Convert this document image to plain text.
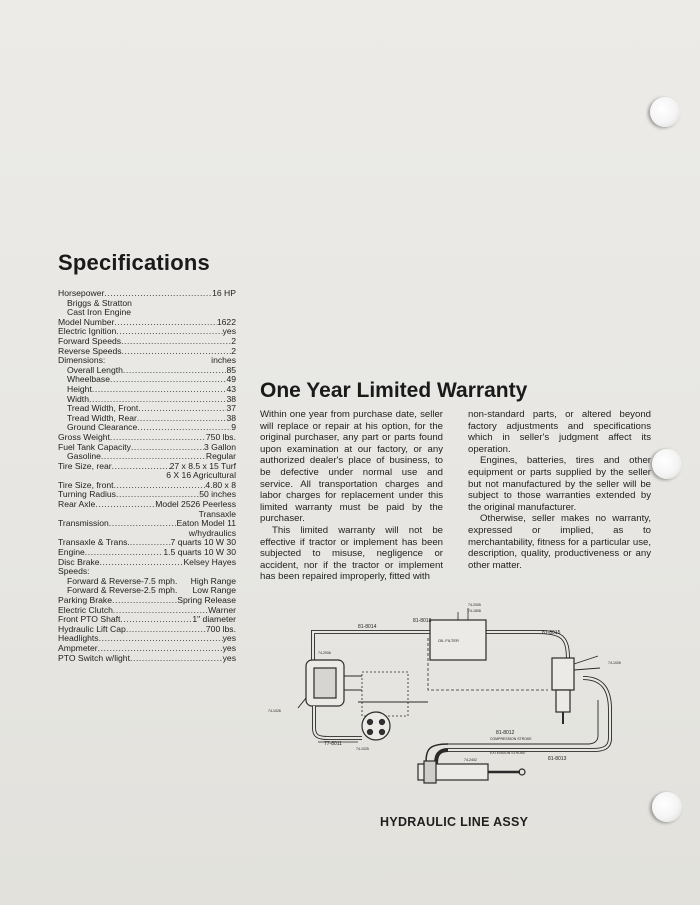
Specifications
Horsepower .....	16 HP
Briggs & Stratton
Cast Iron Engine
Model Number .....	1622
Electric Ignition .....	yes
Forward Speeds .....	2
Reverse Speeds .....	2
Dimensions:	inches
Overall Length .....	85
Wheelbase .....	49
Height .....	43
Width .....	38
Tread Width, Front .....	37
Tread Width, Rear .....	38
Ground Clearance .....	9
Gross Weight .....	750 lbs.
Fuel Tank Capacity .....	3 Gallon
Gasoline .....	Regular
Tire Size, rear .....	27 x 8.5 x 15 Turf
6 X 16 Agricultural
Tire Size, front .....	4.80 x 8
Turning Radius .....	50 inches
Rear Axle .....	Model 2526 Peerless
Transaxle
Transmission .....	Eaton Model 11
w/hydraulics
Transaxle & Trans. .....	7 quarts 10 W 30
Engine .....	1.5 quarts 10 W 30
Disc Brake .....	Kelsey Hayes
Speeds:
Forward & Reverse-7.5 mph. High Range
Forward & Reverse-2.5 mph. Low Range
Parking Brake .....	Spring Release
Electric Clutch .....	Warner
Front PTO Shaft .....	1" diameter
Hydraulic Lift Cap .....	700 lbs.
Headlights .....	yes
Ampmeter .....	yes
PTO Switch w/light .....	yes
One Year Limited Warranty

Within one year from purchase date, seller will replace or repair at his option, for the original purchaser, any part or parts found upon examination at our factory, or any authorized dealer's place of business, to be defective under normal use and service. All transportation charges and labor charges for replacement under this limited warranty must be paid by the purchaser.

This limited warranty will not be effective if tractor or implement has been subjected to misuse, negligence or accident, nor if the tractor or implement has been repaired improperly, fitted with

non-standard parts, or altered beyond factory adjustments and specifications which in seller's judgment affect its operation.

Engines, batteries, tires and other equipment or parts supplied by the seller but not manufactured by the seller will be subject to those warranties extended by the original manufacturer.

Otherwise, seller makes no warranty, expressed or implied, as to merchantability, fitness for a particular use, description, quality, productiveness or any other matter.

81-8014
81-8018
81-8015
81-8012
81-8013
77-8011
OIL FILTER
COMPRESSION STROKE
EXTENSION STROKE
74-2005
74-1808
74-1026
74-2006
74-2402
74-1025
74-1026
HYDRAULIC LINE ASSY
